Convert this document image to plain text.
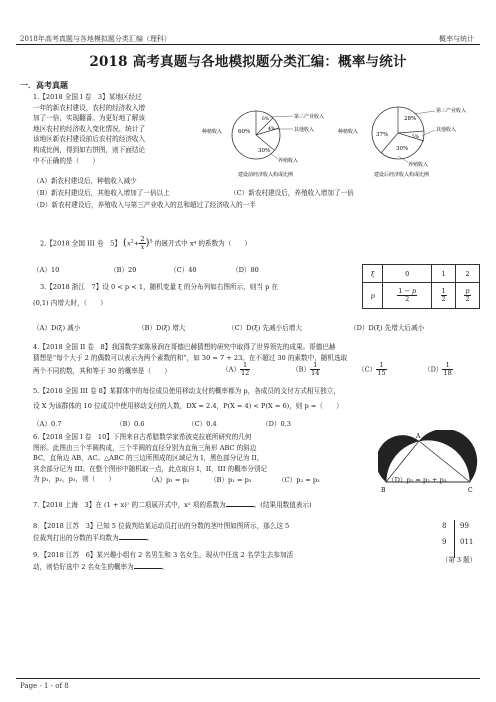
2018年高考真题与各地模拟题分类汇编（理科）	概率与统计
2018 高考真题与各地模拟题分类汇编：概率与统计
一．高考真题
1.【2018 全国 I 卷　3】某地区经过
一年的新农村建设，农村的经济收入增
加了一倍，实现翻番。为更好地了解该
地区农村的经济收入变化情况，统计了
该地区新农村建设前后农村的经济收入
构成比例，得到如右饼图，则下面结论
中不正确的是（　　）
60%
6%
4%
30%
种植收入
第三产业收入
其他收入
养殖收入
建设前经济收入构成比例
37%
28%
5%
30%
种植收入
第三产业收入
其他收入
养殖收入
建设后经济收入构成比例
（A）新农村建设后，种植收入减少
（B）新农村建设后，其他收入增加了一倍以上	（C）新农村建设后，养殖收入增加了一倍
（D）新农村建设后，养殖收入与第三产业收入的总和超过了经济收入的一半
2.【2018 全国 III 卷　5】 $(x^2+ \frac{2}{x} )^5$ 的展开式中 x⁴ 的系数为（　　）
（A）10	（B）20	（C）40	（D）80
3.【2018 浙江　7】设 0 < p < 1，随机变量 ξ 的分布列如右图所示，则当 p 在
(0,1) 内增大时，（　　）
ξ	0	1	2
p	$\frac{1 - p}{2}$	$\frac{1}{2}$	$\frac{p}{2}$
（A）D(ξ) 减小	（B）D(ξ) 增大	（C）D(ξ) 先减小后增大	（D）D(ξ) 先增大后减小
4.【2018 全国 II 卷　8】我国数学家陈景润在哥德巴赫猜想的研究中取得了世界领先的成果。哥德巴赫
猜想是“每个大于 2 的偶数可以表示为两个素数的和”，如 30 = 7 + 23。在不超过 30 的素数中，随机选取
两个不同的数，其和等于 30 的概率是（　　）	$(A) \frac{1}{12}$	$(B) \frac{1}{14}$	$(C) \frac{1}{15}$	$(D) \frac{1}{18}$
5.【2018 全国 III 卷 8】某群体中的每位成员使用移动支付的概率都为 p，各成员的支付方式相互独立，
设 X 为该群体的 10 位成员中使用移动支付的人数，DX = 2.4，P(X = 4) < P(X = 6)，则 p =（　　）
（A）0.7	（B）0.6	（C）0.4	（D）0.3
6.【2018 全国 I 卷　10】下图来自古希腊数学家希波克拉底所研究的几何
图形。此图由三个半圆构成，三个半圆的直径分别为直角三角形 ABC 的斜边
BC，直角边 AB，AC。△ABC 的三边所围成的区域记为 I，黑色部分记为 II，
其余部分记为 III。在整个图形中随机取一点，此点取自 I，II，III 的概率分别记
为 p₁，p₂，p₃，则（　　）
A
B	C
（A）p₁ = p₂	（B）p₁ = p₃	（C）p₂ = p₃	（D）p₁ = p₂ + p₃
7.【2018 上海　3】在 (1 + x)⁷ 的二项展开式中，x² 项的系数为	。(结果用数值表示)
8．【2018 江苏　3】已知 5 位裁判给某运动员打出的分数的茎叶图如图所示，那么这 5
位裁判打出的分数的平均数为	。
8 99
9 011
（第 3 题）
9．【2018 江苏　6】某兴趣小组有 2 名男生和 3 名女生，现从中任选 2 名学生去参加活
动，则恰好选中 2 名女生的概率为	。
Page - 1 - of 8
